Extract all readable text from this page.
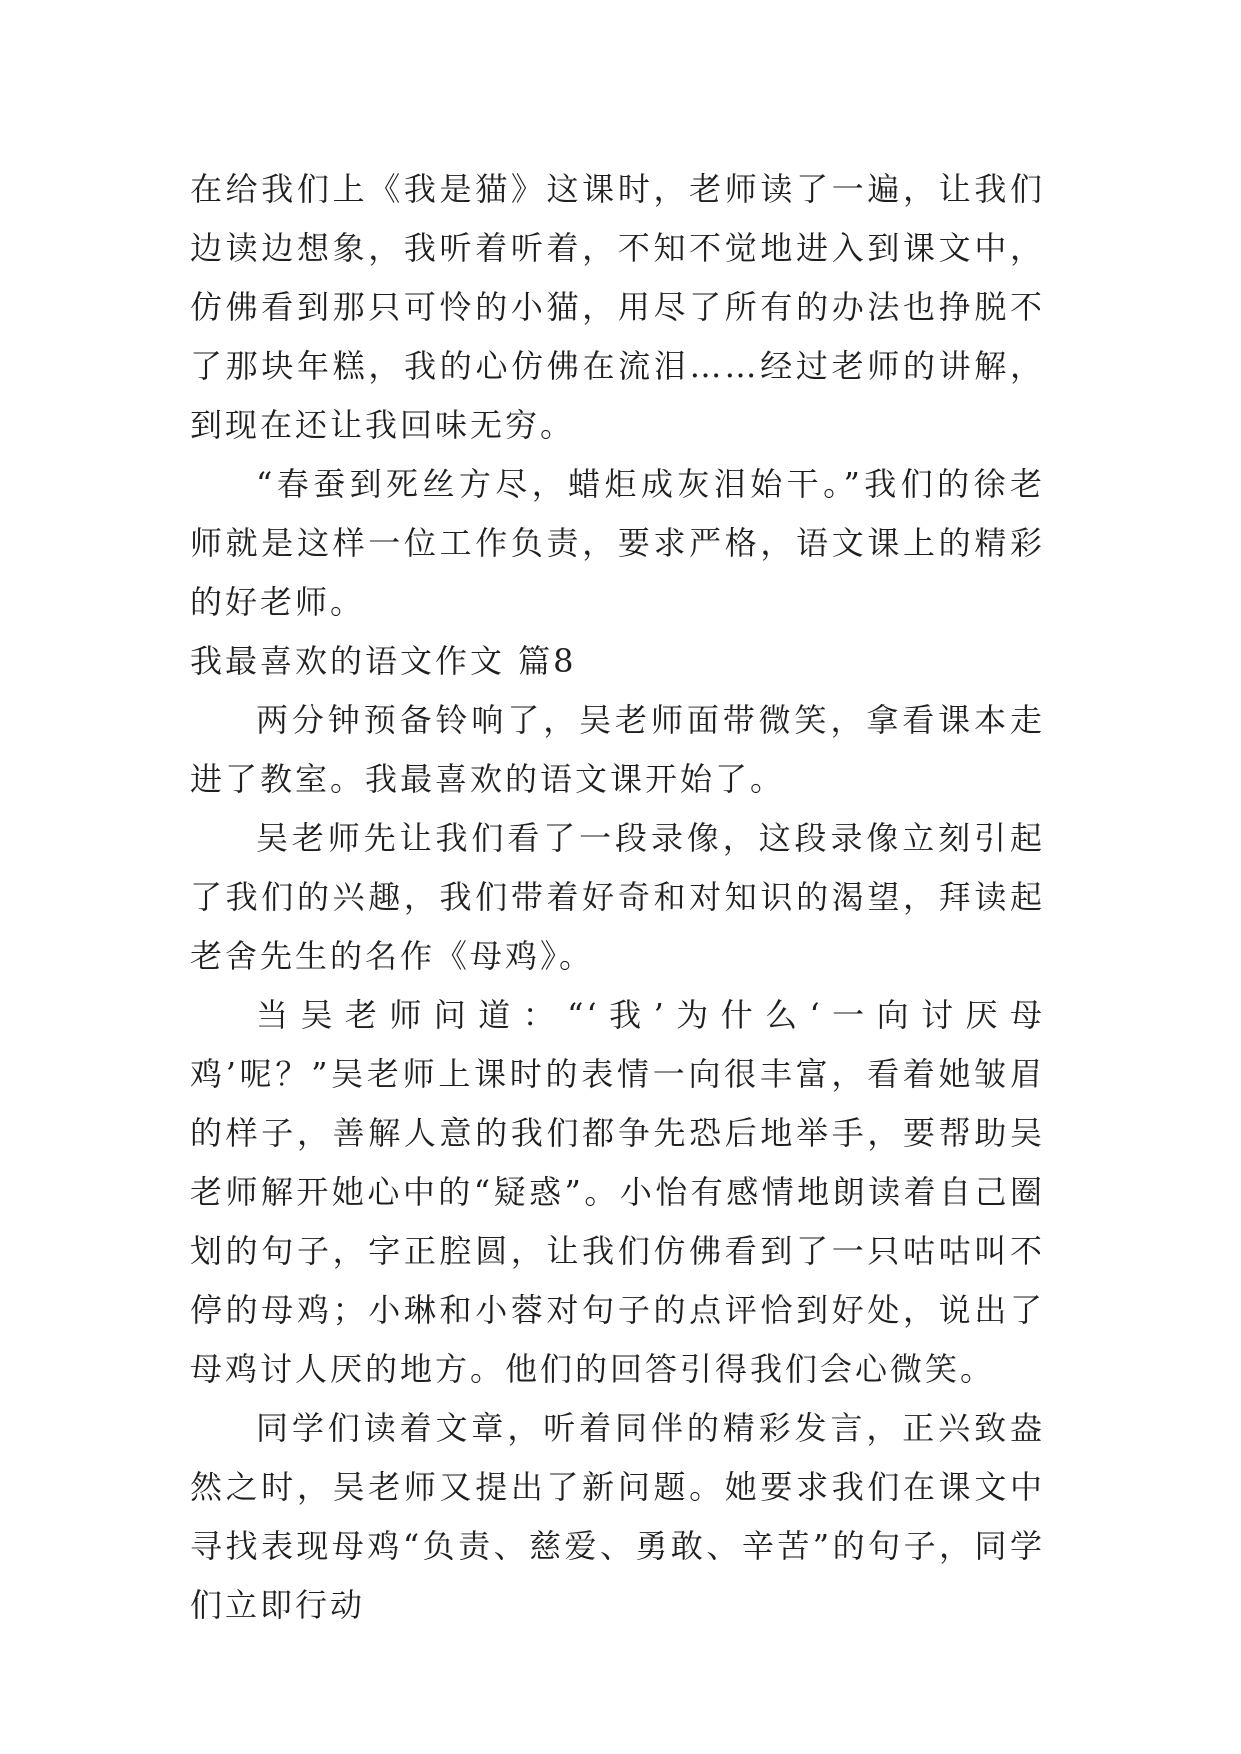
在给我们上《我是猫》这课时，老师读了一遍，让我们边读边想象，我听着听着，不知不觉地进入到课文中，仿佛看到那只可怜的小猫，用尽了所有的办法也挣脱不了那块年糕，我的心仿佛在流泪……经过老师的讲解，到现在还让我回味无穷。

“春蚕到死丝方尽，蜡炬成灰泪始干。”我们的徐老师就是这样一位工作负责，要求严格，语文课上的精彩的好老师。

我最喜欢的语文作文 篇8

两分钟预备铃响了，吴老师面带微笑，拿看课本走进了教室。我最喜欢的语文课开始了。

吴老师先让我们看了一段录像，这段录像立刻引起了我们的兴趣，我们带着好奇和对知识的渴望，拜读起老舍先生的名作《母鸡》。

当吴老师问道：“‘我’为什么‘一向讨厌母鸡’呢？”吴老师上课时的表情一向很丰富，看着她皱眉的样子，善解人意的我们都争先恐后地举手，要帮助吴老师解开她心中的“疑惑”。小怡有感情地朗读着自己圈划的句子，字正腔圆，让我们仿佛看到了一只咕咕叫不停的母鸡；小琳和小蓉对句子的点评恰到好处，说出了母鸡讨人厌的地方。他们的回答引得我们会心微笑。

同学们读着文章，听着同伴的精彩发言，正兴致盎然之时，吴老师又提出了新问题。她要求我们在课文中寻找表现母鸡“负责、慈爱、勇敢、辛苦”的句子，同学们立即行动
